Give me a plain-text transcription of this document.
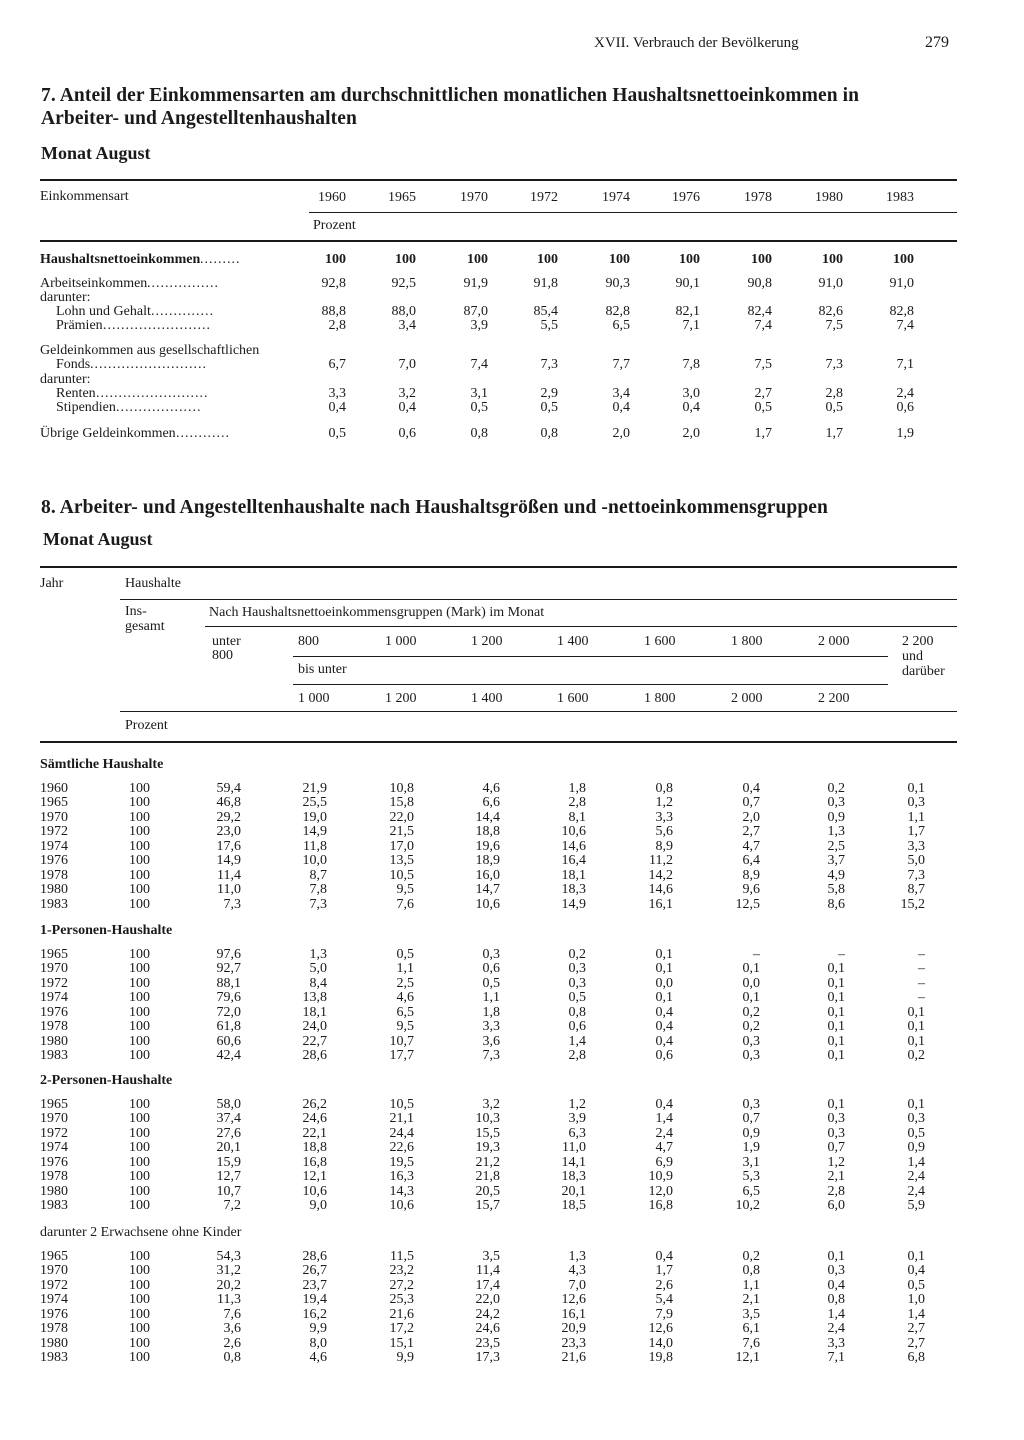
XVII. Verbrauch der Bevölkerung	279
7. Anteil der Einkommensarten am durchschnittlichen monatlichen Haushaltsnettoeinkommen in
Arbeiter- und Angestelltenhaushalten
Monat August
Einkommensart	1960	1965	1970	1972	1974	1976	1978	1980	1983
Prozent
Haushaltsnettoeinkommen .........	100	100	100	100	100	100	100	100	100
Arbeitseinkommen ................	92,8	92,5	91,9	91,8	90,3	90,1	90,8	91,0	91,0
darunter:
Lohn und Gehalt ..............	88,8	88,0	87,0	85,4	82,8	82,1	82,4	82,6	82,8
Prämien ........................	2,8	3,4	3,9	5,5	6,5	7,1	7,4	7,5	7,4
Geldeinkommen aus gesellschaftlichen
Fonds ..........................	6,7	7,0	7,4	7,3	7,7	7,8	7,5	7,3	7,1
darunter:
Renten .........................	3,3	3,2	3,1	2,9	3,4	3,0	2,7	2,8	2,4
Stipendien ...................	0,4	0,4	0,5	0,5	0,4	0,4	0,5	0,5	0,6
Übrige Geldeinkommen ............	0,5	0,6	0,8	0,8	2,0	2,0	1,7	1,7	1,9
8. Arbeiter- und Angestelltenhaushalte nach Haushaltsgrößen und -nettoeinkommensgruppen
Monat August
Jahr	Haushalte
Ins-
gesamt
Nach Haushaltsnettoeinkommensgruppen (Mark) im Monat
unter
800
800	1 000	1 200	1 400	1 600	1 800	2 000	2 200
und
darüber
bis unter
1 000	1 200	1 400	1 600	1 800	2 000	2 200
Prozent
Sämtliche Haushalte
1960	100	59,4	21,9	10,8	4,6	1,8	0,8	0,4	0,2	0,1
1965	100	46,8	25,5	15,8	6,6	2,8	1,2	0,7	0,3	0,3
1970	100	29,2	19,0	22,0	14,4	8,1	3,3	2,0	0,9	1,1
1972	100	23,0	14,9	21,5	18,8	10,6	5,6	2,7	1,3	1,7
1974	100	17,6	11,8	17,0	19,6	14,6	8,9	4,7	2,5	3,3
1976	100	14,9	10,0	13,5	18,9	16,4	11,2	6,4	3,7	5,0
1978	100	11,4	8,7	10,5	16,0	18,1	14,2	8,9	4,9	7,3
1980	100	11,0	7,8	9,5	14,7	18,3	14,6	9,6	5,8	8,7
1983	100	7,3	7,3	7,6	10,6	14,9	16,1	12,5	8,6	15,2
1-Personen-Haushalte
1965	100	97,6	1,3	0,5	0,3	0,2	0,1	–	–	–
1970	100	92,7	5,0	1,1	0,6	0,3	0,1	0,1	0,1	–
1972	100	88,1	8,4	2,5	0,5	0,3	0,0	0,0	0,1	–
1974	100	79,6	13,8	4,6	1,1	0,5	0,1	0,1	0,1	–
1976	100	72,0	18,1	6,5	1,8	0,8	0,4	0,2	0,1	0,1
1978	100	61,8	24,0	9,5	3,3	0,6	0,4	0,2	0,1	0,1
1980	100	60,6	22,7	10,7	3,6	1,4	0,4	0,3	0,1	0,1
1983	100	42,4	28,6	17,7	7,3	2,8	0,6	0,3	0,1	0,2
2-Personen-Haushalte
1965	100	58,0	26,2	10,5	3,2	1,2	0,4	0,3	0,1	0,1
1970	100	37,4	24,6	21,1	10,3	3,9	1,4	0,7	0,3	0,3
1972	100	27,6	22,1	24,4	15,5	6,3	2,4	0,9	0,3	0,5
1974	100	20,1	18,8	22,6	19,3	11,0	4,7	1,9	0,7	0,9
1976	100	15,9	16,8	19,5	21,2	14,1	6,9	3,1	1,2	1,4
1978	100	12,7	12,1	16,3	21,8	18,3	10,9	5,3	2,1	2,4
1980	100	10,7	10,6	14,3	20,5	20,1	12,0	6,5	2,8	2,4
1983	100	7,2	9,0	10,6	15,7	18,5	16,8	10,2	6,0	5,9
darunter 2 Erwachsene ohne Kinder
1965	100	54,3	28,6	11,5	3,5	1,3	0,4	0,2	0,1	0,1
1970	100	31,2	26,7	23,2	11,4	4,3	1,7	0,8	0,3	0,4
1972	100	20,2	23,7	27,2	17,4	7,0	2,6	1,1	0,4	0,5
1974	100	11,3	19,4	25,3	22,0	12,6	5,4	2,1	0,8	1,0
1976	100	7,6	16,2	21,6	24,2	16,1	7,9	3,5	1,4	1,4
1978	100	3,6	9,9	17,2	24,6	20,9	12,6	6,1	2,4	2,7
1980	100	2,6	8,0	15,1	23,5	23,3	14,0	7,6	3,3	2,7
1983	100	0,8	4,6	9,9	17,3	21,6	19,8	12,1	7,1	6,8
